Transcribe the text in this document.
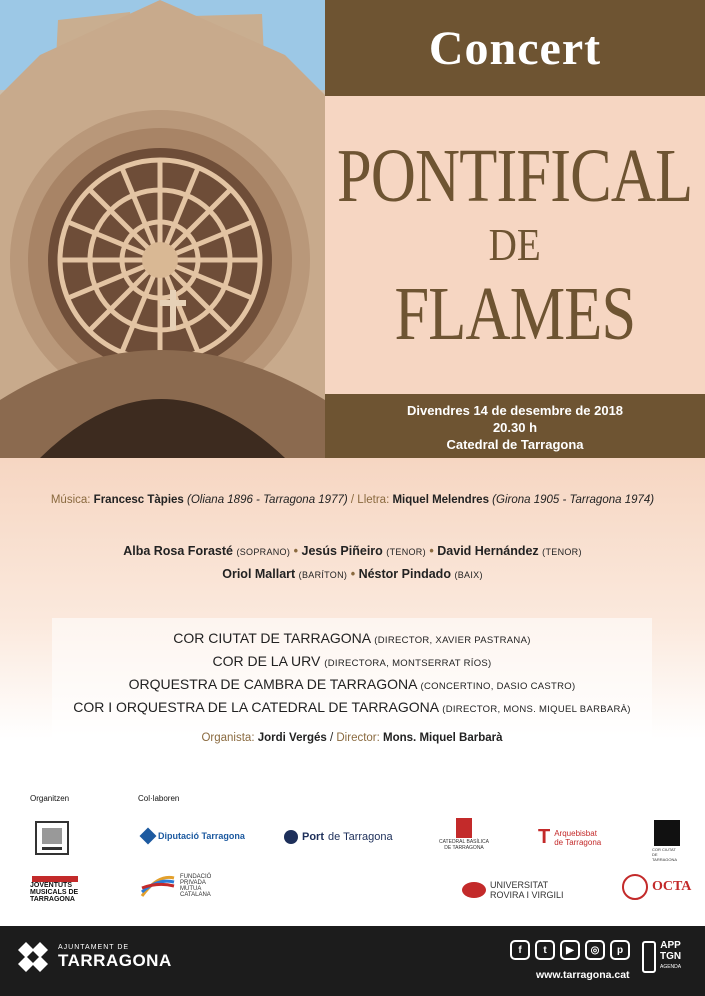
Concert
PONTIFICAL
DE
FLAMES
Divendres 14 de desembre de 2018
20.30 h
Catedral de Tarragona
Música: Francesc Tàpies (Oliana 1896 - Tarragona 1977) / Lletra: Miquel Melendres (Girona 1905 - Tarragona 1974)
Alba Rosa Forasté (SOPRANO) • Jesús Piñeiro (TENOR) • David Hernández (TENOR)
Oriol Mallart (BARÍTON) • Néstor Pindado (BAIX)
COR CIUTAT DE TARRAGONA (DIRECTOR, XAVIER PASTRANA)
COR DE LA URV (DIRECTORA, MONTSERRAT RÍOS)
ORQUESTRA DE CAMBRA DE TARRAGONA (CONCERTINO, DASIO CASTRO)
COR I ORQUESTRA DE LA CATEDRAL DE TARRAGONA (DIRECTOR, MONS. MIQUEL BARBARÀ)
Organista: Jordi Vergés / Director: Mons. Miquel Barbarà
Organitzen	Col·laboren
Diputació Tarragona	Port de Tarragona	CATEDRAL BASÍLICA DE TARRAGONA	T Arquebisbat
de Tarragona
COR CIUTAT DE TARRAGONA
JOVENTUTS MUSICALS DE TARRAGONA
FUNDACIÓ PRIVADA MÚTUA CATALANA
UNIVERSITAT
ROVIRA I VIRGILI
OCTA
AJUNTAMENT DE
TARRAGONA
f	t	▶	◎	p
www.tarragona.cat
APP
TGN
AGENDA
